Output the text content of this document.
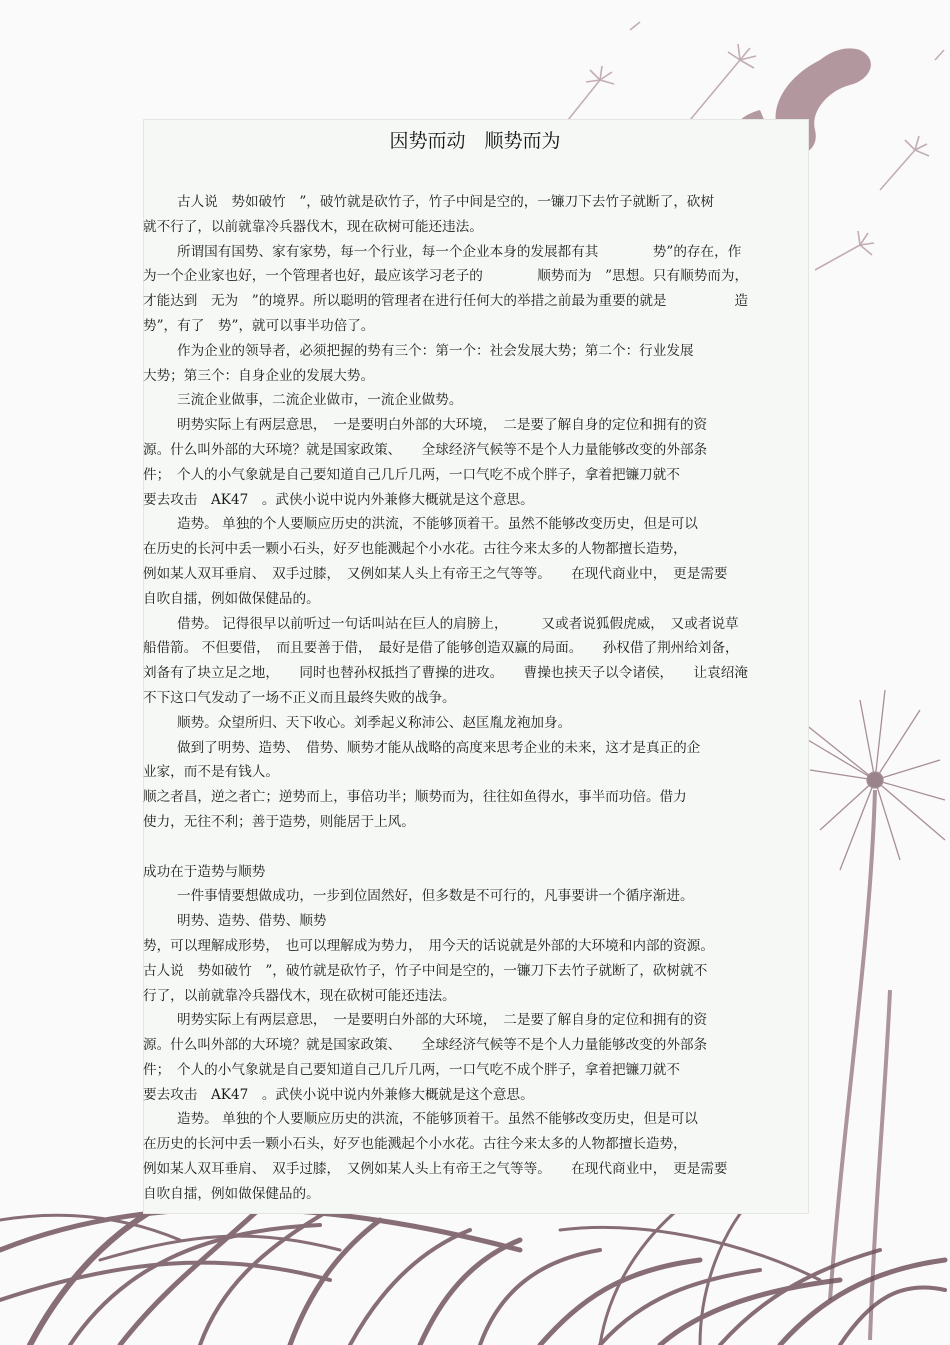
因势而动　顺势而为
古人说　势如破竹　”，破竹就是砍竹子，竹子中间是空的，一镰刀下去竹子就断了，砍树
就不行了，以前就靠冷兵器伐木，现在砍树可能还违法。
所谓国有国势、家有家势，每一个行业，每一个企业本身的发展都有其　　　　势”的存在，作
为一个企业家也好，一个管理者也好，最应该学习老子的　　　　顺势而为　”思想。只有顺势而为，
才能达到　无为　”的境界。所以聪明的管理者在进行任何大的举措之前最为重要的就是　　　　　造
势”，有了　势”，就可以事半功倍了。
作为企业的领导者，必须把握的势有三个：第一个：社会发展大势；第二个：行业发展
大势；第三个：自身企业的发展大势。
三流企业做事，二流企业做市，一流企业做势。
明势实际上有两层意思，　一是要明白外部的大环境，　二是要了解自身的定位和拥有的资
源。什么叫外部的大环境？就是国家政策、　　全球经济气候等不是个人力量能够改变的外部条
件；　个人的小气象就是自己要知道自己几斤几两，一口气吃不成个胖子，拿着把镰刀就不
要去攻击　AK47　。武侠小说中说内外兼修大概就是这个意思。
造势。 单独的个人要顺应历史的洪流，不能够顶着干。虽然不能够改变历史，但是可以
在历史的长河中丢一颗小石头，好歹也能溅起个小水花。古往今来太多的人物都擅长造势，
例如某人双耳垂肩、　双手过膝，　又例如某人头上有帝王之气等等。　　在现代商业中，　更是需要
自吹自擂，例如做保健品的。
借势。 记得很早以前听过一句话叫站在巨人的肩膀上，　　　又或者说狐假虎威，　又或者说草
船借箭。 不但要借，　而且要善于借，　最好是借了能够创造双赢的局面。　　孙权借了荆州给刘备，
刘备有了块立足之地，　　同时也替孙权抵挡了曹操的进攻。　　曹操也挟天子以令诸侯，　　让袁绍淹
不下这口气发动了一场不正义而且最终失败的战争。
顺势。众望所归、天下收心。刘季起义称沛公、赵匡胤龙袍加身。
做到了明势、造势、　借势、顺势才能从战略的高度来思考企业的未来，这才是真正的企
业家，而不是有钱人。
顺之者昌，逆之者亡；逆势而上，事倍功半；顺势而为，往往如鱼得水，事半而功倍。借力
使力，无往不利；善于造势，则能居于上风。
成功在于造势与顺势
一件事情要想做成功，一步到位固然好，但多数是不可行的，凡事要讲一个循序渐进。
明势、造势、借势、顺势
势，可以理解成形势，　也可以理解成为势力，　用今天的话说就是外部的大环境和内部的资源。
古人说　势如破竹　”，破竹就是砍竹子，竹子中间是空的，一镰刀下去竹子就断了，砍树就不
行了，以前就靠冷兵器伐木，现在砍树可能还违法。
明势实际上有两层意思，　一是要明白外部的大环境，　二是要了解自身的定位和拥有的资
源。什么叫外部的大环境？就是国家政策、　　全球经济气候等不是个人力量能够改变的外部条
件；　个人的小气象就是自己要知道自己几斤几两，一口气吃不成个胖子，拿着把镰刀就不
要去攻击　AK47　。武侠小说中说内外兼修大概就是这个意思。
造势。 单独的个人要顺应历史的洪流，不能够顶着干。虽然不能够改变历史，但是可以
在历史的长河中丢一颗小石头，好歹也能溅起个小水花。古往今来太多的人物都擅长造势，
例如某人双耳垂肩、　双手过膝，　又例如某人头上有帝王之气等等。　　在现代商业中，　更是需要
自吹自擂，例如做保健品的。
